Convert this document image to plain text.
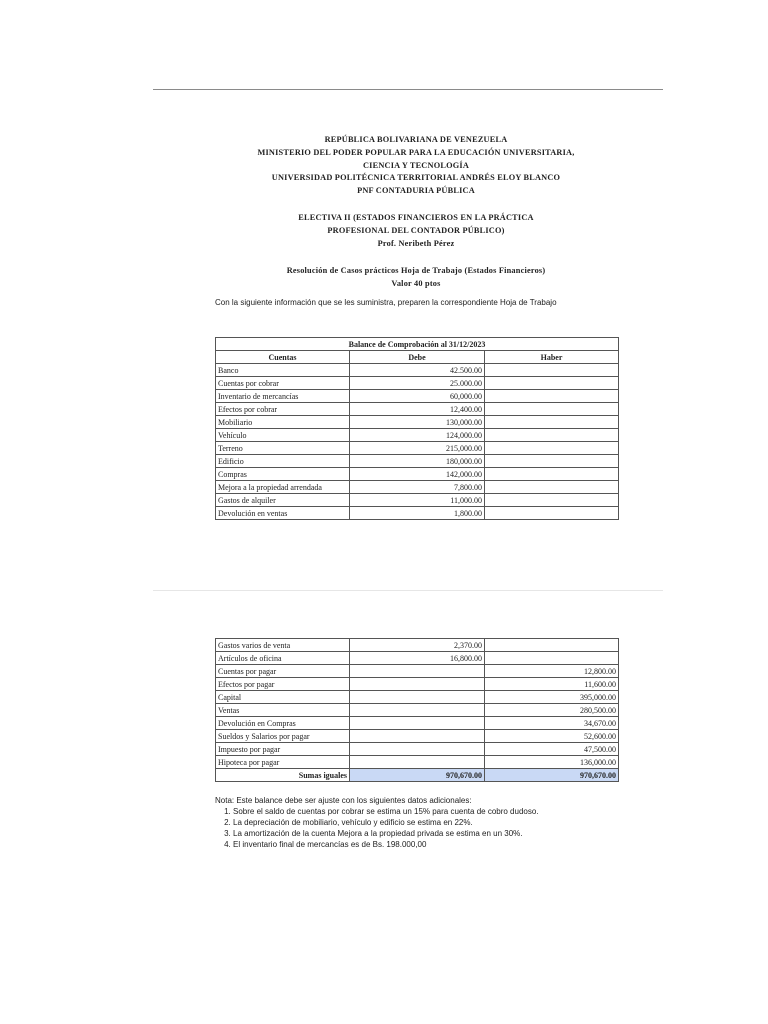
REPÚBLICA BOLIVARIANA DE VENEZUELA
MINISTERIO DEL PODER POPULAR PARA LA EDUCACIÓN UNIVERSITARIA,
CIENCIA Y TECNOLOGÍA
UNIVERSIDAD POLITÉCNICA TERRITORIAL ANDRÉS ELOY BLANCO
PNF CONTADURIA PÚBLICA
ELECTIVA II (ESTADOS FINANCIEROS EN LA PRÁCTICA
PROFESIONAL DEL CONTADOR PÚBLICO)
Prof. Neribeth Pérez
Resolución de Casos prácticos Hoja de Trabajo (Estados Financieros)
Valor 40 ptos
Con la siguiente información que se les suministra, preparen la correspondiente Hoja de Trabajo
Balance de Comprobación al 31/12/2023		
Cuentas	Debe	Haber
Banco	42.500.00	
Cuentas por cobrar	25.000.00	
Inventario de mercancías	60,000.00	
Efectos por cobrar	12,400.00	
Mobiliario	130,000.00	
Vehículo	124,000.00	
Terreno	215,000.00	
Edificio	180,000.00	
Compras	142,000.00	
Mejora a la propiedad arrendada	7,800.00	
Gastos de alquiler	11,000.00	
Devolución en ventas	1,800.00	
Gastos varios de venta	2,370.00	
Artículos de oficina	16,800.00	
Cuentas por pagar		12,800.00
Efectos por pagar		11,600.00
Capital		395,000.00
Ventas		280,500.00
Devolución en Compras		34,670.00
Sueldos y Salarios por pagar		52,600.00
Impuesto por pagar		47,500.00
Hipoteca por pagar		136,000.00
Sumas iguales	970,670.00	970,670.00
Nota: Este balance debe ser ajuste con los siguientes datos adicionales:
1. Sobre el saldo de cuentas por cobrar se estima un 15% para cuenta de cobro dudoso.
2. La depreciación de mobiliario, vehículo y edificio se estima en 22%.
3. La amortización de la cuenta Mejora a la propiedad privada se estima en un 30%.
4. El inventario final de mercancías es de Bs. 198.000,00
